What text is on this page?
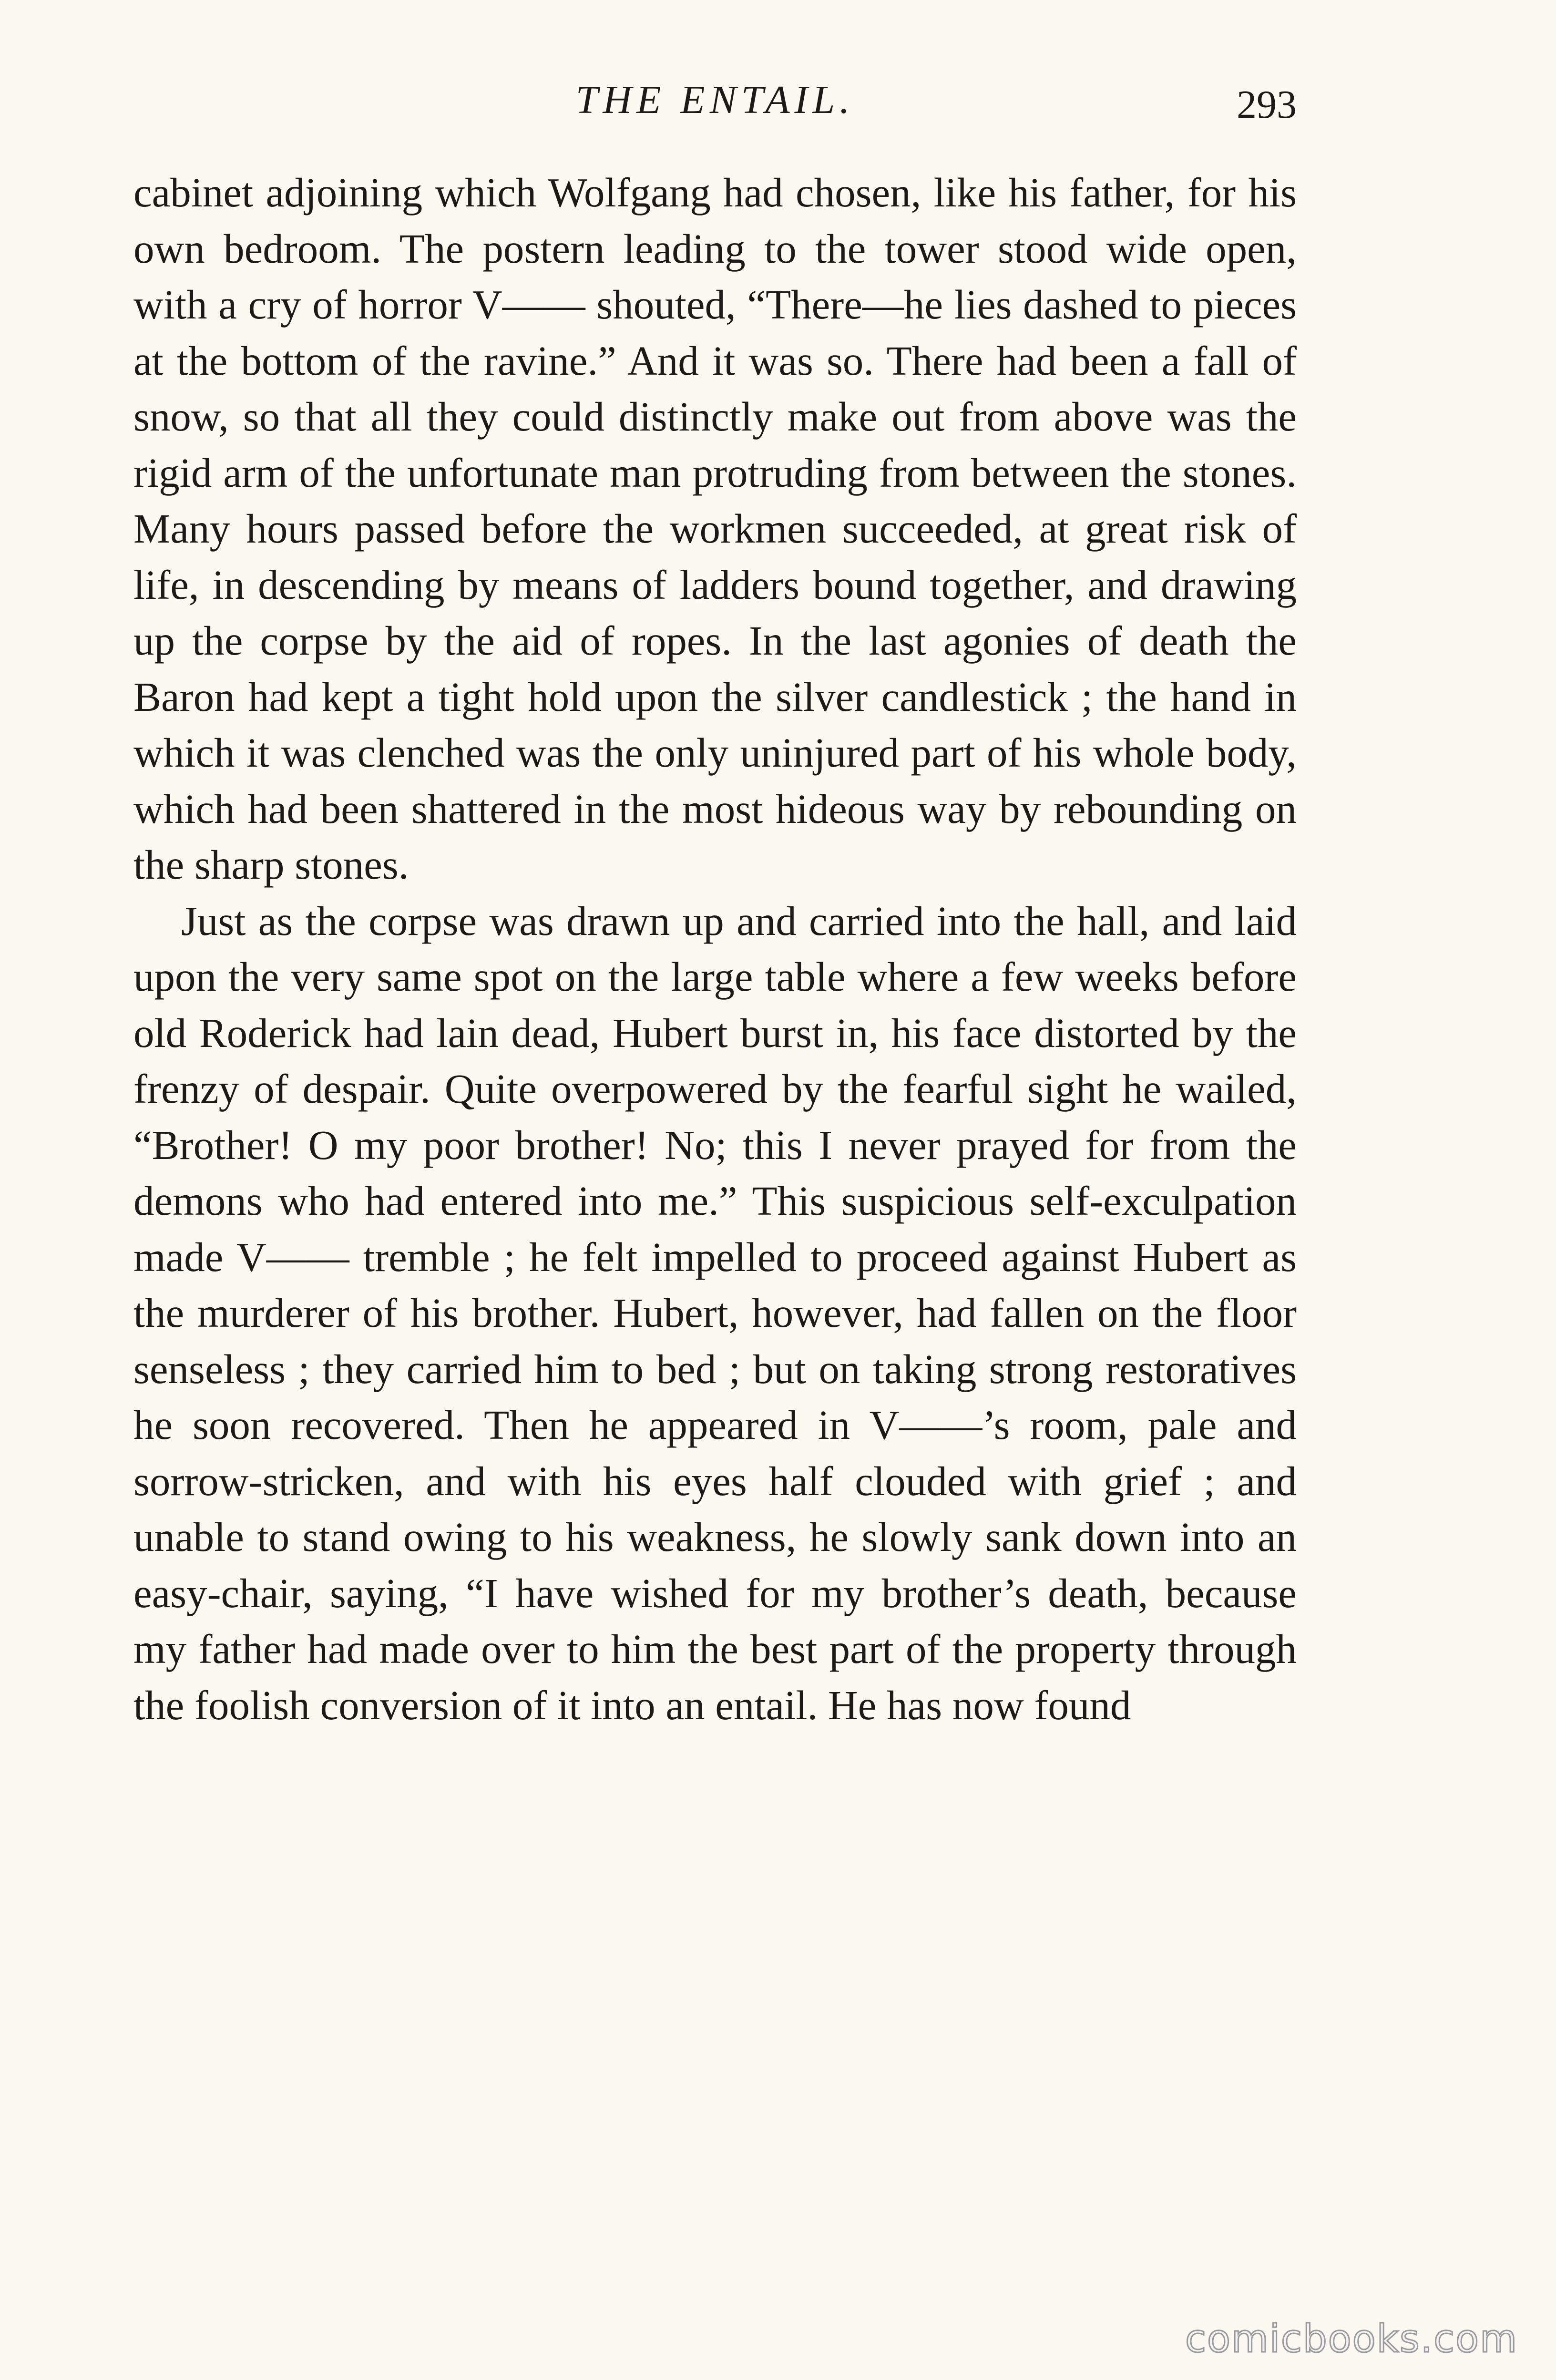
THE ENTAIL.	293

cabinet adjoining which Wolfgang had chosen, like his father, for his own bedroom. The postern leading to the tower stood wide open, with a cry of horror V—— shouted, “There—he lies dashed to pieces at the bottom of the ravine.” And it was so. There had been a fall of snow, so that all they could distinctly make out from above was the rigid arm of the unfortunate man protruding from between the stones. Many hours passed before the workmen succeeded, at great risk of life, in descending by means of ladders bound together, and drawing up the corpse by the aid of ropes. In the last agonies of death the Baron had kept a tight hold upon the silver candlestick ; the hand in which it was clenched was the only uninjured part of his whole body, which had been shattered in the most hideous way by rebounding on the sharp stones.

Just as the corpse was drawn up and carried into the hall, and laid upon the very same spot on the large table where a few weeks before old Roderick had lain dead, Hubert burst in, his face distorted by the frenzy of despair. Quite overpowered by the fearful sight he wailed, “Brother! O my poor brother! No; this I never prayed for from the demons who had entered into me.” This suspicious self-exculpation made V—— tremble ; he felt impelled to proceed against Hubert as the murderer of his brother. Hubert, however, had fallen on the floor senseless ; they carried him to bed ; but on taking strong restoratives he soon recovered. Then he appeared in V——’s room, pale and sorrow-stricken, and with his eyes half clouded with grief ; and unable to stand owing to his weakness, he slowly sank down into an easy-chair, saying, “I have wished for my brother’s death, because my father had made over to him the best part of the property through the foolish conversion of it into an entail. He has now found

comicbooks.com
